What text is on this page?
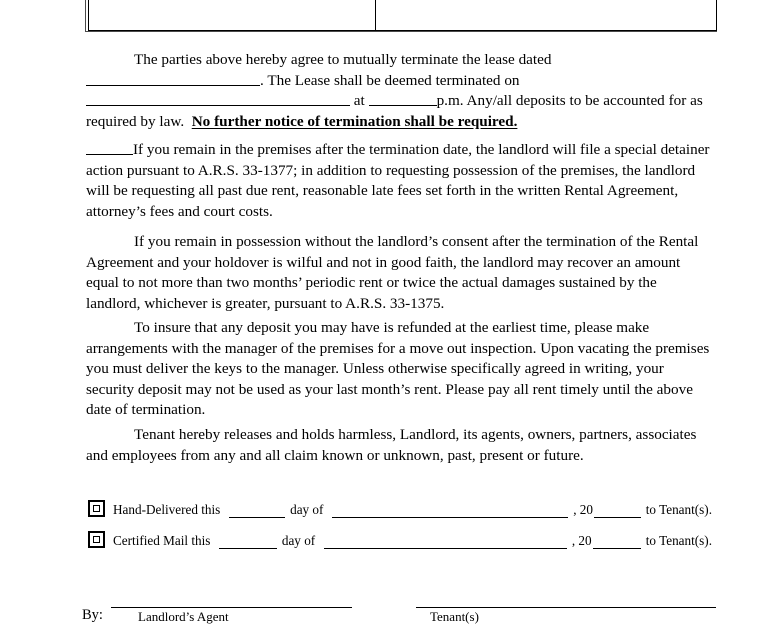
The parties above hereby agree to mutually terminate the lease dated . The Lease shall be deemed terminated on  at	p.m. Any/all deposits to be accounted for as required by law. No further notice of termination shall be required.

If you remain in the premises after the termination date, the landlord will file a special detainer action pursuant to A.R.S. 33-1377; in addition to requesting possession of the premises, the landlord will be requesting all past due rent, reasonable late fees set forth in the written Rental Agreement, attorney’s fees and court costs.

If you remain in possession without the landlord’s consent after the termination of the Rental Agreement and your holdover is wilful and not in good faith, the landlord may recover an amount equal to not more than two months’ periodic rent or twice the actual damages sustained by the landlord, whichever is greater, pursuant to A.R.S. 33-1375.

To insure that any deposit you may have is refunded at the earliest time, please make arrangements with the manager of the premises for a move out inspection. Upon vacating the premises you must deliver the keys to the manager. Unless otherwise specifically agreed in writing, your security deposit may not be used as your last month’s rent. Please pay all rent timely until the above date of termination.

Tenant hereby releases and holds harmless, Landlord, its agents, owners, partners, associates and employees from any and all claim known or unknown, past, present or future.

Hand-Delivered this	day of	, 20	to Tenant(s).
Certified Mail this	day of	, 20	to Tenant(s).
By:	Landlord’s Agent	Tenant(s)
